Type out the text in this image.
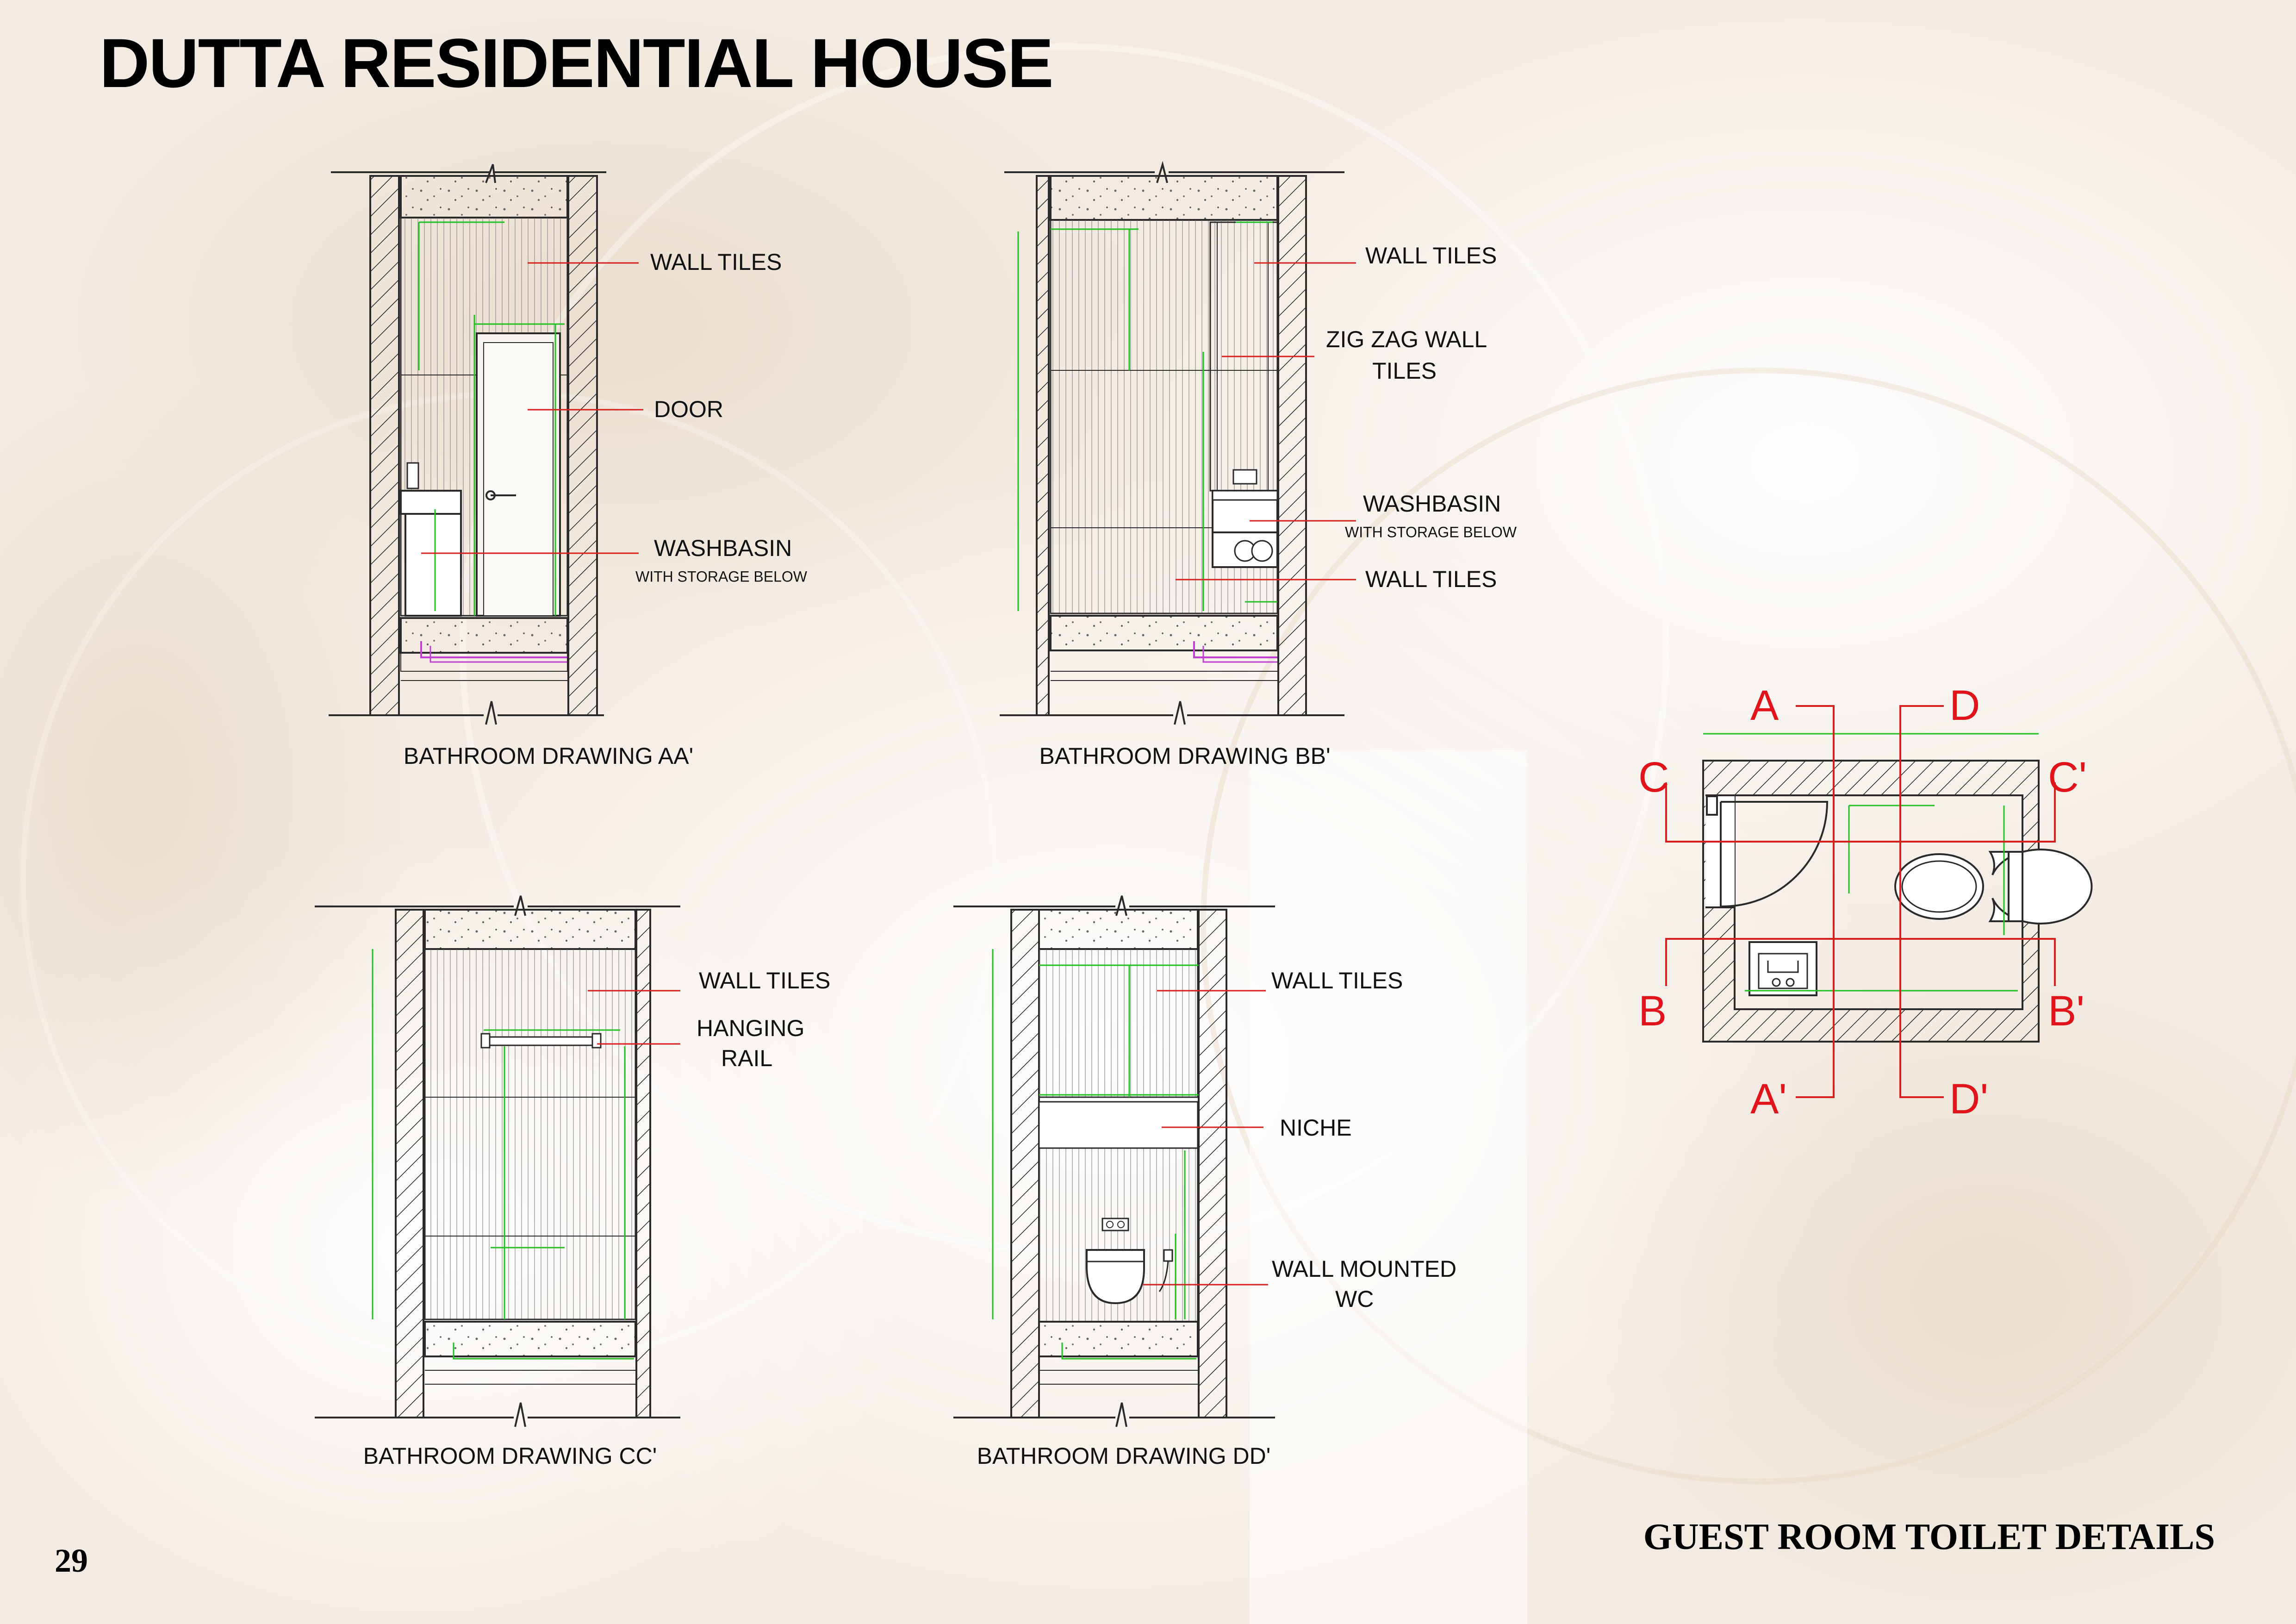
WALL TILES
DOOR
WASHBASIN
WITH STORAGE BELOW
BATHROOM DRAWING AA'
WALL TILES
ZIG ZAG WALL
TILES
WASHBASIN
WITH STORAGE BELOW
WALL TILES
BATHROOM DRAWING BB'
WALL TILES
HANGING
RAIL
BATHROOM DRAWING CC'
WALL TILES
NICHE
WALL MOUNTED
WC
BATHROOM DRAWING DD'
A
A'
B	B'
C	C'
D
D'
DUTTA RESIDENTIAL HOUSE
29
GUEST ROOM TOILET DETAILS
